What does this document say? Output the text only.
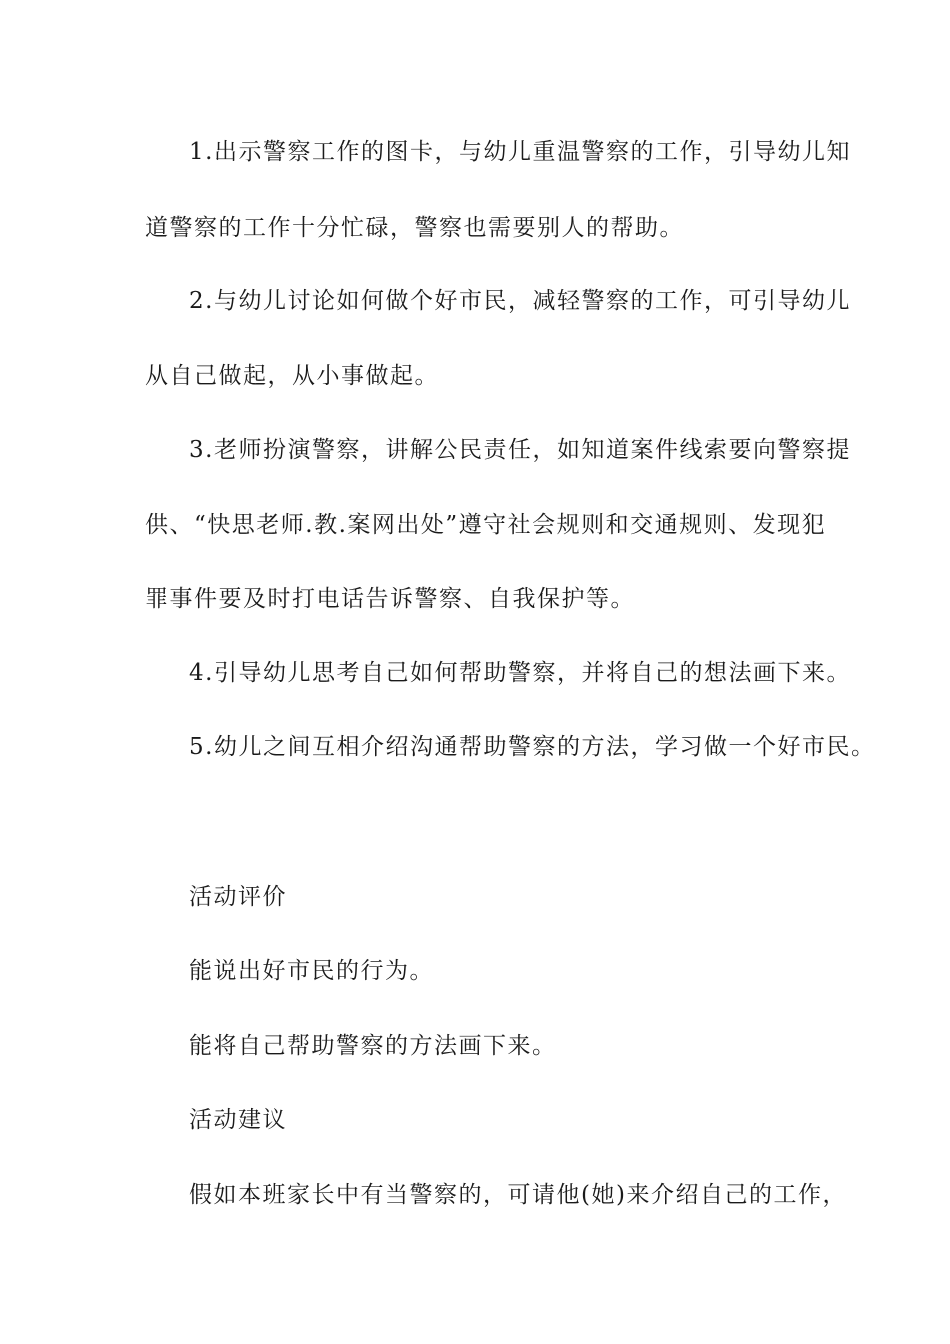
1.出示警察工作的图卡，与幼儿重温警察的工作，引导幼儿知
道警察的工作十分忙碌，警察也需要别人的帮助。
2.与幼儿讨论如何做个好市民，减轻警察的工作，可引导幼儿
从自己做起，从小事做起。
3.老师扮演警察，讲解公民责任，如知道案件线索要向警察提
供、“快思老师.教.案网出处”遵守社会规则和交通规则、发现犯
罪事件要及时打电话告诉警察、自我保护等。
4.引导幼儿思考自己如何帮助警察，并将自己的想法画下来。
5.幼儿之间互相介绍沟通帮助警察的方法，学习做一个好市民。
活动评价
能说出好市民的行为。
能将自己帮助警察的方法画下来。
活动建议
假如本班家长中有当警察的，可请他(她)来介绍自己的工作，
